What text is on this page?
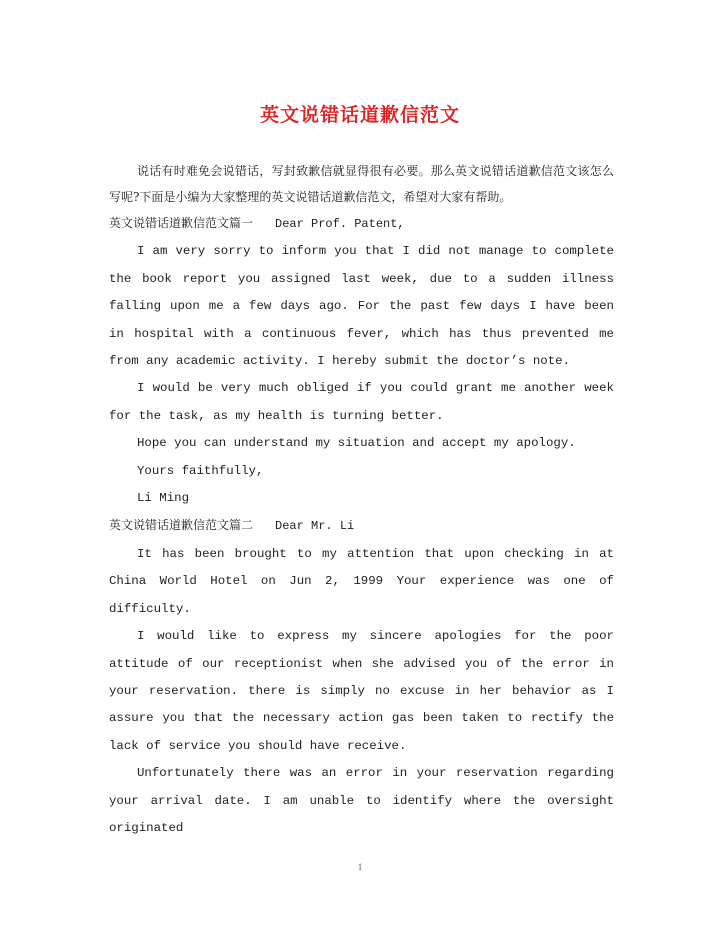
英文说错话道歉信范文

说话有时难免会说错话，写封致歉信就显得很有必要。那么英文说错话道歉信范文该怎么写呢?下面是小编为大家整理的英文说错话道歉信范文，希望对大家有帮助。

英文说错话道歉信范文篇一 Dear Prof. Patent,

I am very sorry to inform you that I did not manage to complete the book report you assigned last week, due to a sudden illness falling upon me a few days ago. For the past few days I have been in hospital with a continuous fever, which has thus prevented me from any academic activity. I hereby submit the doctor’s note.

I would be very much obliged if you could grant me another week for the task, as my health is turning better.

Hope you can understand my situation and accept my apology.

Yours faithfully,

Li Ming

英文说错话道歉信范文篇二 Dear Mr. Li

It has been brought to my attention that upon checking in at China World Hotel on Jun 2, 1999 Your experience was one of difficulty.

I would like to express my sincere apologies for the poor attitude of our receptionist when she advised you of the error in your reservation. there is simply no excuse in her behavior as I assure you that the necessary action gas been taken to rectify the lack of service you should have receive.

Unfortunately there was an error in your reservation regarding your arrival date. I am unable to identify where the oversight originated

1
